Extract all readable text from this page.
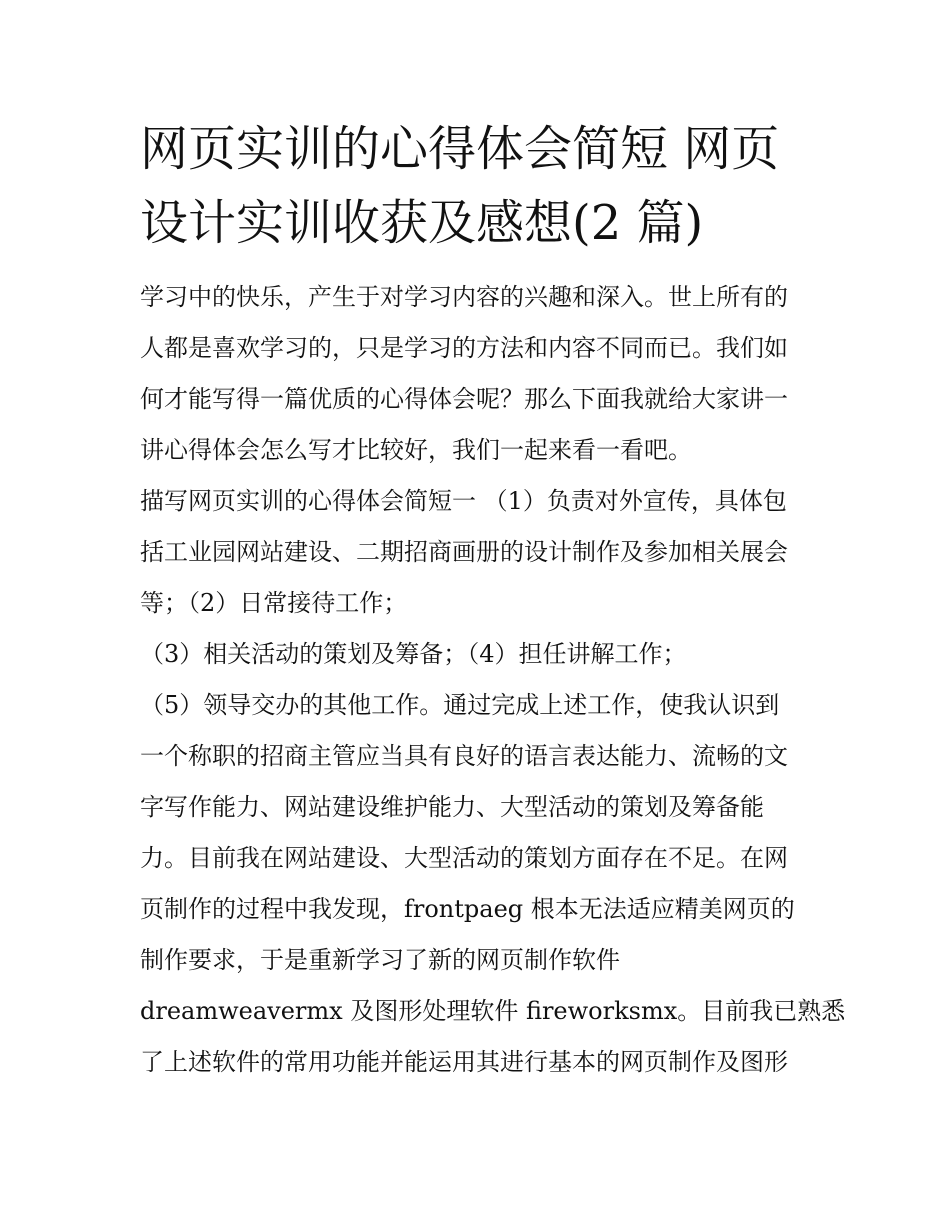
网页实训的心得体会简短 网页
设计实训收获及感想(2 篇)
学习中的快乐，产生于对学习内容的兴趣和深入。世上所有的
人都是喜欢学习的，只是学习的方法和内容不同而已。我们如
何才能写得一篇优质的心得体会呢？那么下面我就给大家讲一
讲心得体会怎么写才比较好，我们一起来看一看吧。
描写网页实训的心得体会简短一 （1）负责对外宣传，具体包
括工业园网站建设、二期招商画册的设计制作及参加相关展会
等；（2）日常接待工作；
（3）相关活动的策划及筹备；（4）担任讲解工作；
（5）领导交办的其他工作。通过完成上述工作，使我认识到
一个称职的招商主管应当具有良好的语言表达能力、流畅的文
字写作能力、网站建设维护能力、大型活动的策划及筹备能
力。目前我在网站建设、大型活动的策划方面存在不足。在网
页制作的过程中我发现，frontpaeg 根本无法适应精美网页的
制作要求，于是重新学习了新的网页制作软件
dreamweavermx 及图形处理软件 fireworksmx。目前我已熟悉
了上述软件的常用功能并能运用其进行基本的网页制作及图形
